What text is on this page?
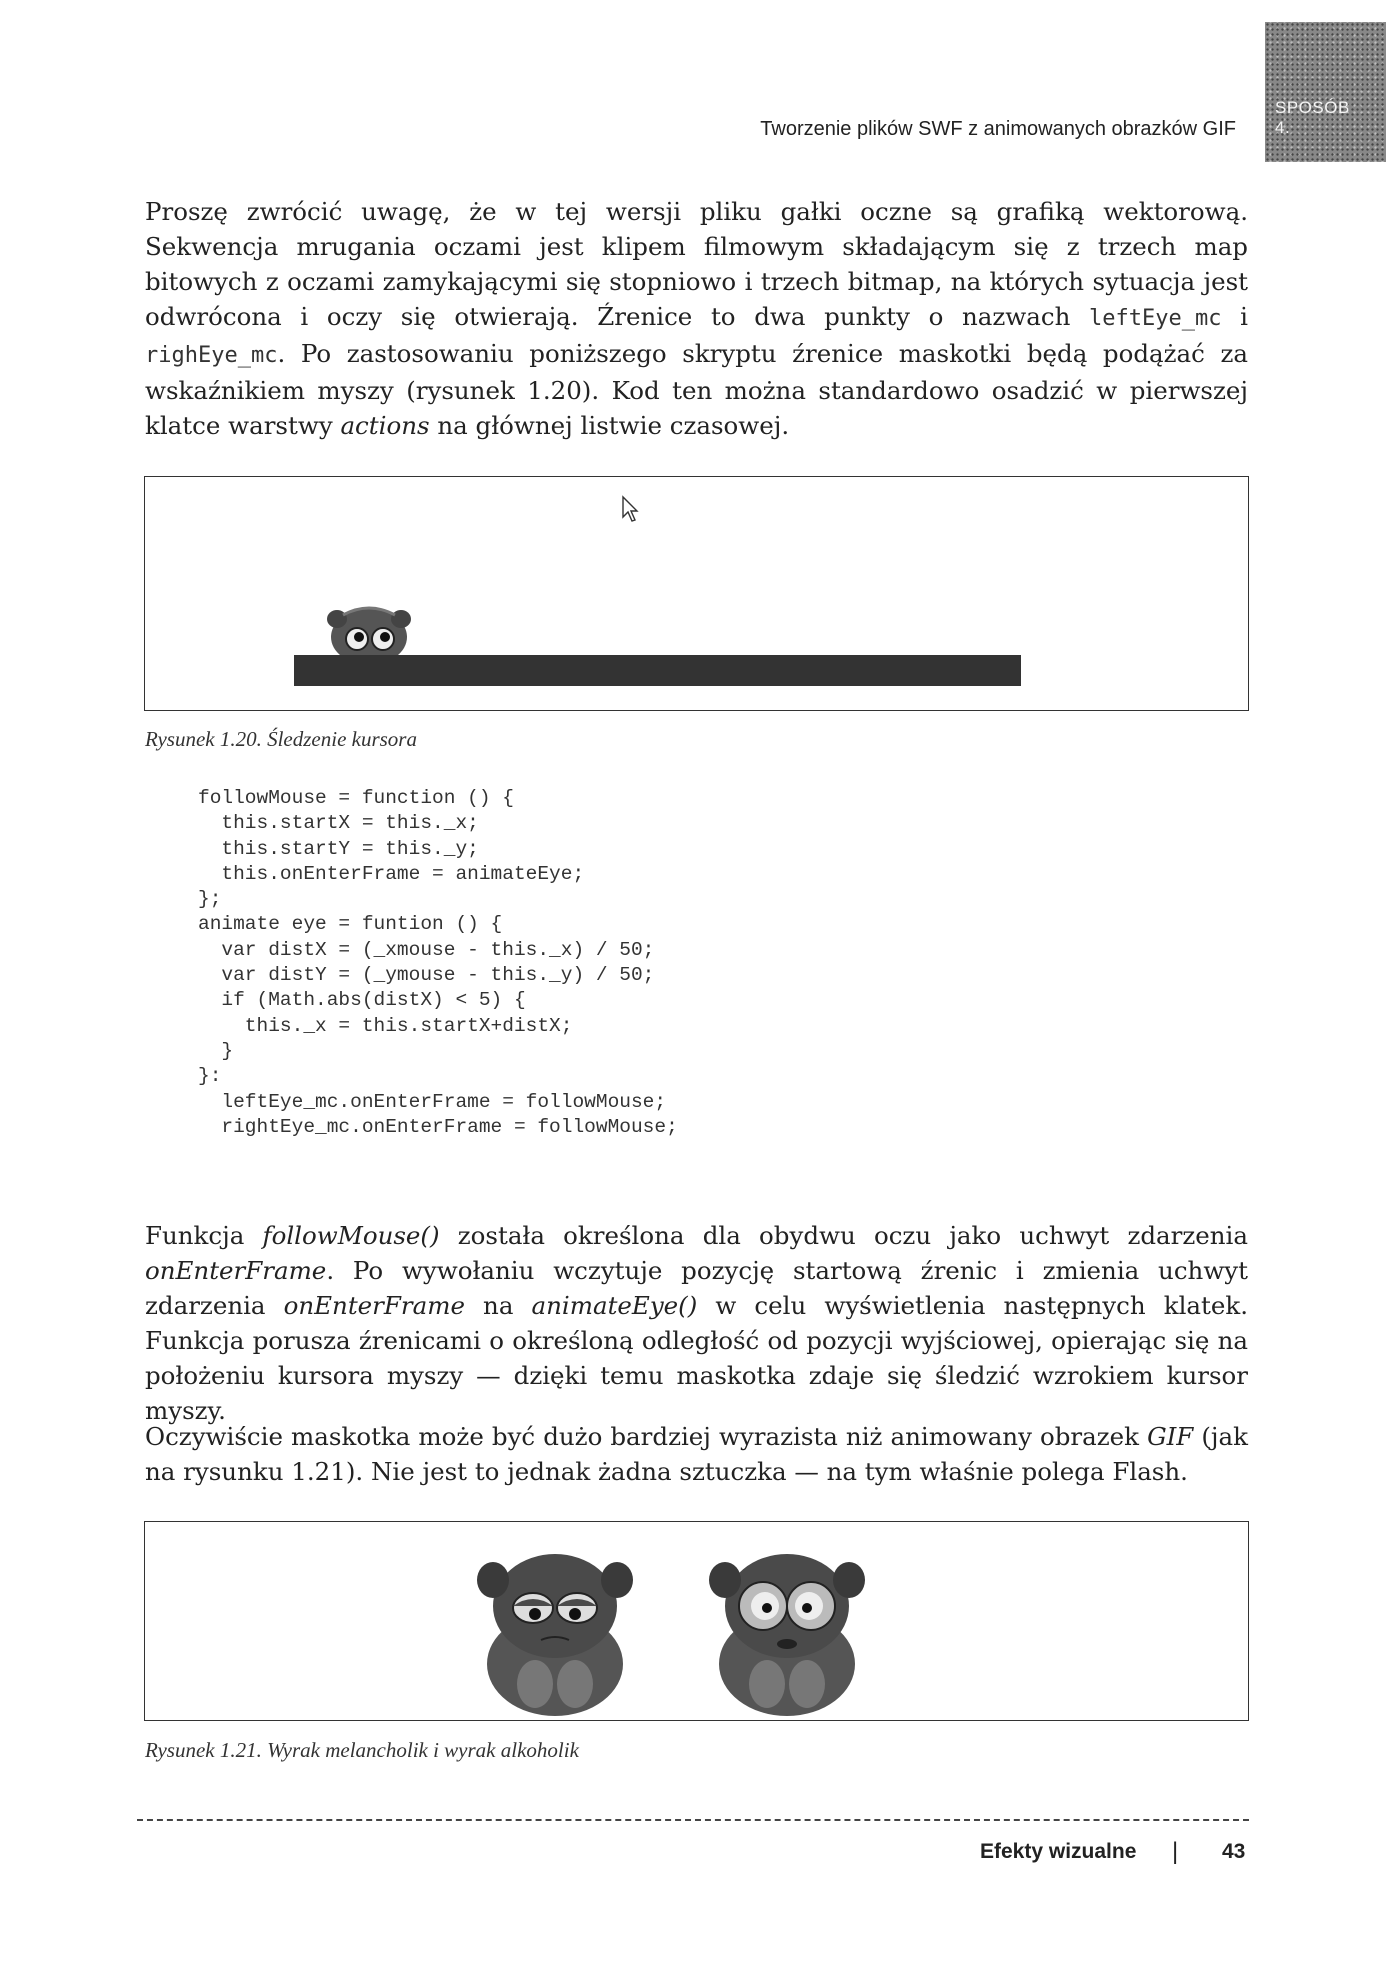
SPOSÓB
4.
Tworzenie plików SWF z animowanych obrazków GIF
Proszę zwrócić uwagę, że w tej wersji pliku gałki oczne są grafiką wektorową. Sekwencja mrugania oczami jest klipem filmowym składającym się z trzech map bitowych z oczami zamykającymi się stopniowo i trzech bitmap, na których sytuacja jest odwrócona i oczy się otwierają. Źrenice to dwa punkty o nazwach leftEye_mc i righEye_mc. Po zastosowaniu poniższego skryptu źrenice maskotki będą podążać za wskaźnikiem myszy (rysunek 1.20). Kod ten można standardowo osadzić w pierwszej klatce warstwy actions na głównej listwie czasowej.
Rysunek 1.20. Śledzenie kursora
followMouse = function () {
this.startX = this._x;
this.startY = this._y;
this.onEnterFrame = animateEye;
};
animate eye = funtion () {
var distX = (_xmouse - this._x) / 50;
var distY = (_ymouse - this._y) / 50;
if (Math.abs(distX) < 5) {
this._x = this.startX+distX;
}
}:
leftEye_mc.onEnterFrame = followMouse;
rightEye_mc.onEnterFrame = followMouse;
Funkcja followMouse() została określona dla obydwu oczu jako uchwyt zdarzenia onEnterFrame. Po wywołaniu wczytuje pozycję startową źrenic i zmienia uchwyt zdarzenia onEnterFrame na animateEye() w celu wyświetlenia następnych klatek. Funkcja porusza źrenicami o określoną odległość od pozycji wyjściowej, opierając się na położeniu kursora myszy — dzięki temu maskotka zdaje się śledzić wzrokiem kursor myszy.
Oczywiście maskotka może być dużo bardziej wyrazista niż animowany obrazek GIF (jak na rysunku 1.21). Nie jest to jednak żadna sztuczka — na tym właśnie polega Flash.
Rysunek 1.21. Wyrak melancholik i wyrak alkoholik
Efekty wizualne | 43
